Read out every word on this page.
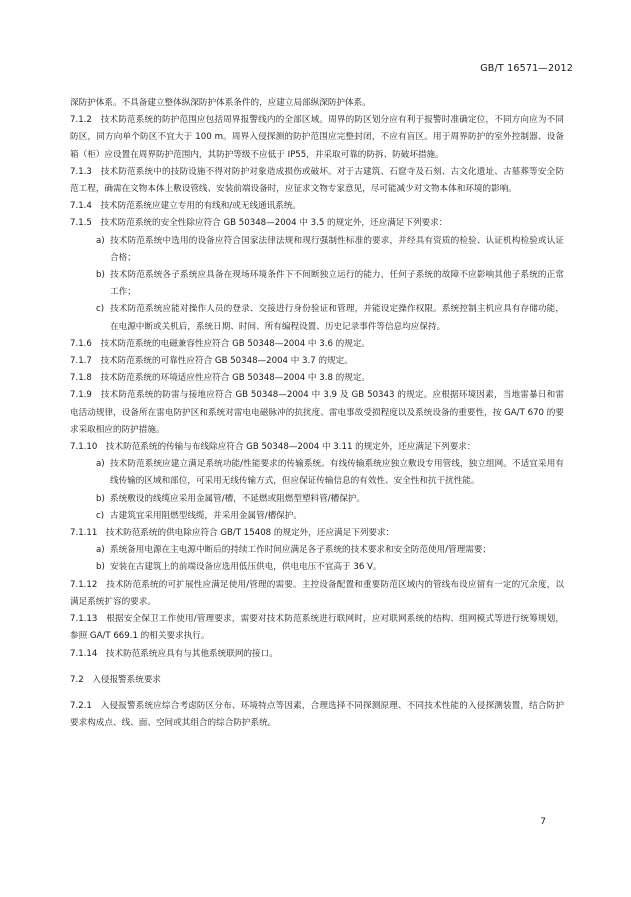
GB/T 16571—2012
深防护体系。不具备建立整体纵深防护体系条件的，应建立局部纵深防护体系。
7.1.2　技术防范系统的防护范围应包括周界报警线内的全部区域。周界的防区划分应有利于报警时准确定位，不同方向应为不同防区，同方向单个防区不宜大于 100 m。周界入侵探测的防护范围应完整封闭，不应有盲区。用于周界防护的室外控制器、设备箱（柜）应设置在周界防护范围内，其防护等级不应低于 IP55，并采取可靠的防拆、防破坏措施。
7.1.3　技术防范系统中的技防设施不得对防护对象造成损伤或破坏。对于古建筑、石窟寺及石刻、古文化遗址、古墓葬等安全防范工程，确需在文物本体上敷设管线、安装前端设备时，应征求文物专家意见，尽可能减少对文物本体和环境的影响。
7.1.4　技术防范系统应建立专用的有线和/或无线通讯系统。
7.1.5　技术防范系统的安全性除应符合 GB 50348—2004 中 3.5 的规定外，还应满足下列要求：
a) 技术防范系统中选用的设备应符合国家法律法规和现行强制性标准的要求，并经具有资质的检验、认证机构检验或认证合格；
b) 技术防范系统各子系统应具备在现场环境条件下不间断独立运行的能力，任何子系统的故障不应影响其他子系统的正常工作；
c) 技术防范系统应能对操作人员的登录、交接进行身份验证和管理，并能设定操作权限。系统控制主机应具有存储功能，在电源中断或关机后，系统日期、时间、所有编程设置、历史记录事件等信息均应保持。
7.1.6　技术防范系统的电磁兼容性应符合 GB 50348—2004 中 3.6 的规定。
7.1.7　技术防范系统的可靠性应符合 GB 50348—2004 中 3.7 的规定。
7.1.8　技术防范系统的环境适应性应符合 GB 50348—2004 中 3.8 的规定。
7.1.9　技术防范系统的防雷与接地应符合 GB 50348—2004 中 3.9 及 GB 50343 的规定。应根据环境因素，当地雷暴日和雷电活动规律，设备所在雷电防护区和系统对雷电电磁脉冲的抗扰度、雷电事故受损程度以及系统设备的重要性，按 GA/T 670 的要求采取相应的防护措施。
7.1.10　技术防范系统的传输与布线除应符合 GB 50348—2004 中 3.11 的规定外，还应满足下列要求：
a) 技术防范系统应建立满足系统功能/性能要求的传输系统。有线传输系统应独立敷设专用管线，独立组网。不适宜采用有线传输的区域和部位，可采用无线传输方式，但应保证传输信息的有效性、安全性和抗干扰性能。
b) 系统敷设的线缆应采用金属管/槽，不延燃或阻燃型塑料管/槽保护。
c) 古建筑宜采用阻燃型线缆，并采用金属管/槽保护。
7.1.11　技术防范系统的供电除应符合 GB/T 15408 的规定外，还应满足下列要求：
a) 系统备用电源在主电源中断后的持续工作时间应满足各子系统的技术要求和安全防范使用/管理需要；
b) 安装在古建筑上的前端设备应选用低压供电，供电电压不宜高于 36 V。
7.1.12　技术防范系统的可扩展性应满足使用/管理的需要。主控设备配置和重要防范区域内的管线布设应留有一定的冗余度，以满足系统扩容的要求。
7.1.13　根据安全保卫工作使用/管理要求，需要对技术防范系统进行联网时，应对联网系统的结构、组网模式等进行统筹规划，参照 GA/T 669.1 的相关要求执行。
7.1.14　技术防范系统应具有与其他系统联网的接口。
7.2　入侵报警系统要求
7.2.1　入侵报警系统应综合考虑防区分布、环境特点等因素，合理选择不同探测原理、不同技术性能的入侵探测装置，结合防护要求构成点、线、面、空间或其组合的综合防护系统。
7
